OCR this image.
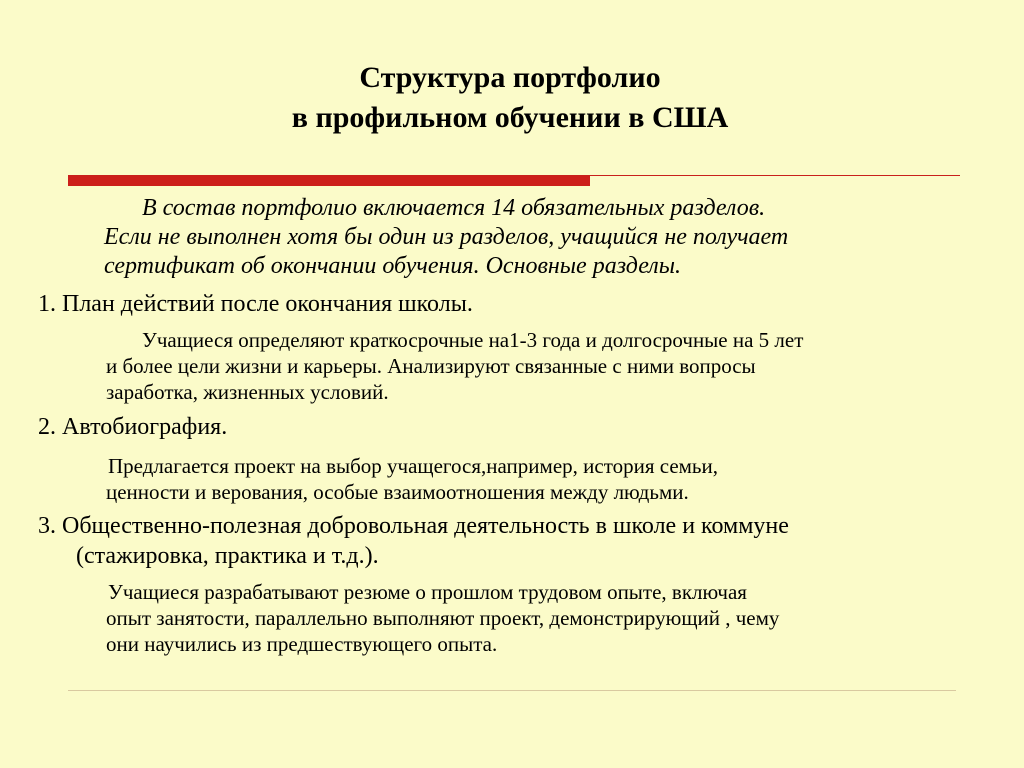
Структура портфолио
в профильном обучении в США
В состав портфолио включается 14 обязательных разделов.
Если не выполнен хотя бы один из разделов, учащийся не получает
сертификат об окончании обучения. Основные разделы.
1. План действий после окончания школы.
Учащиеся определяют краткосрочные на1-3 года и долгосрочные на 5 лет
и более цели жизни и карьеры. Анализируют связанные с ними вопросы
заработка, жизненных условий.
2. Автобиография.
Предлагается проект на выбор учащегося,например, история семьи,
ценности и верования, особые взаимоотношения между людьми.
3. Общественно-полезная добровольная деятельность в школе и коммуне
(стажировка, практика и т.д.).
Учащиеся разрабатывают резюме о прошлом трудовом опыте, включая
опыт занятости, параллельно выполняют проект, демонстрирующий , чему
они научились из предшествующего опыта.
